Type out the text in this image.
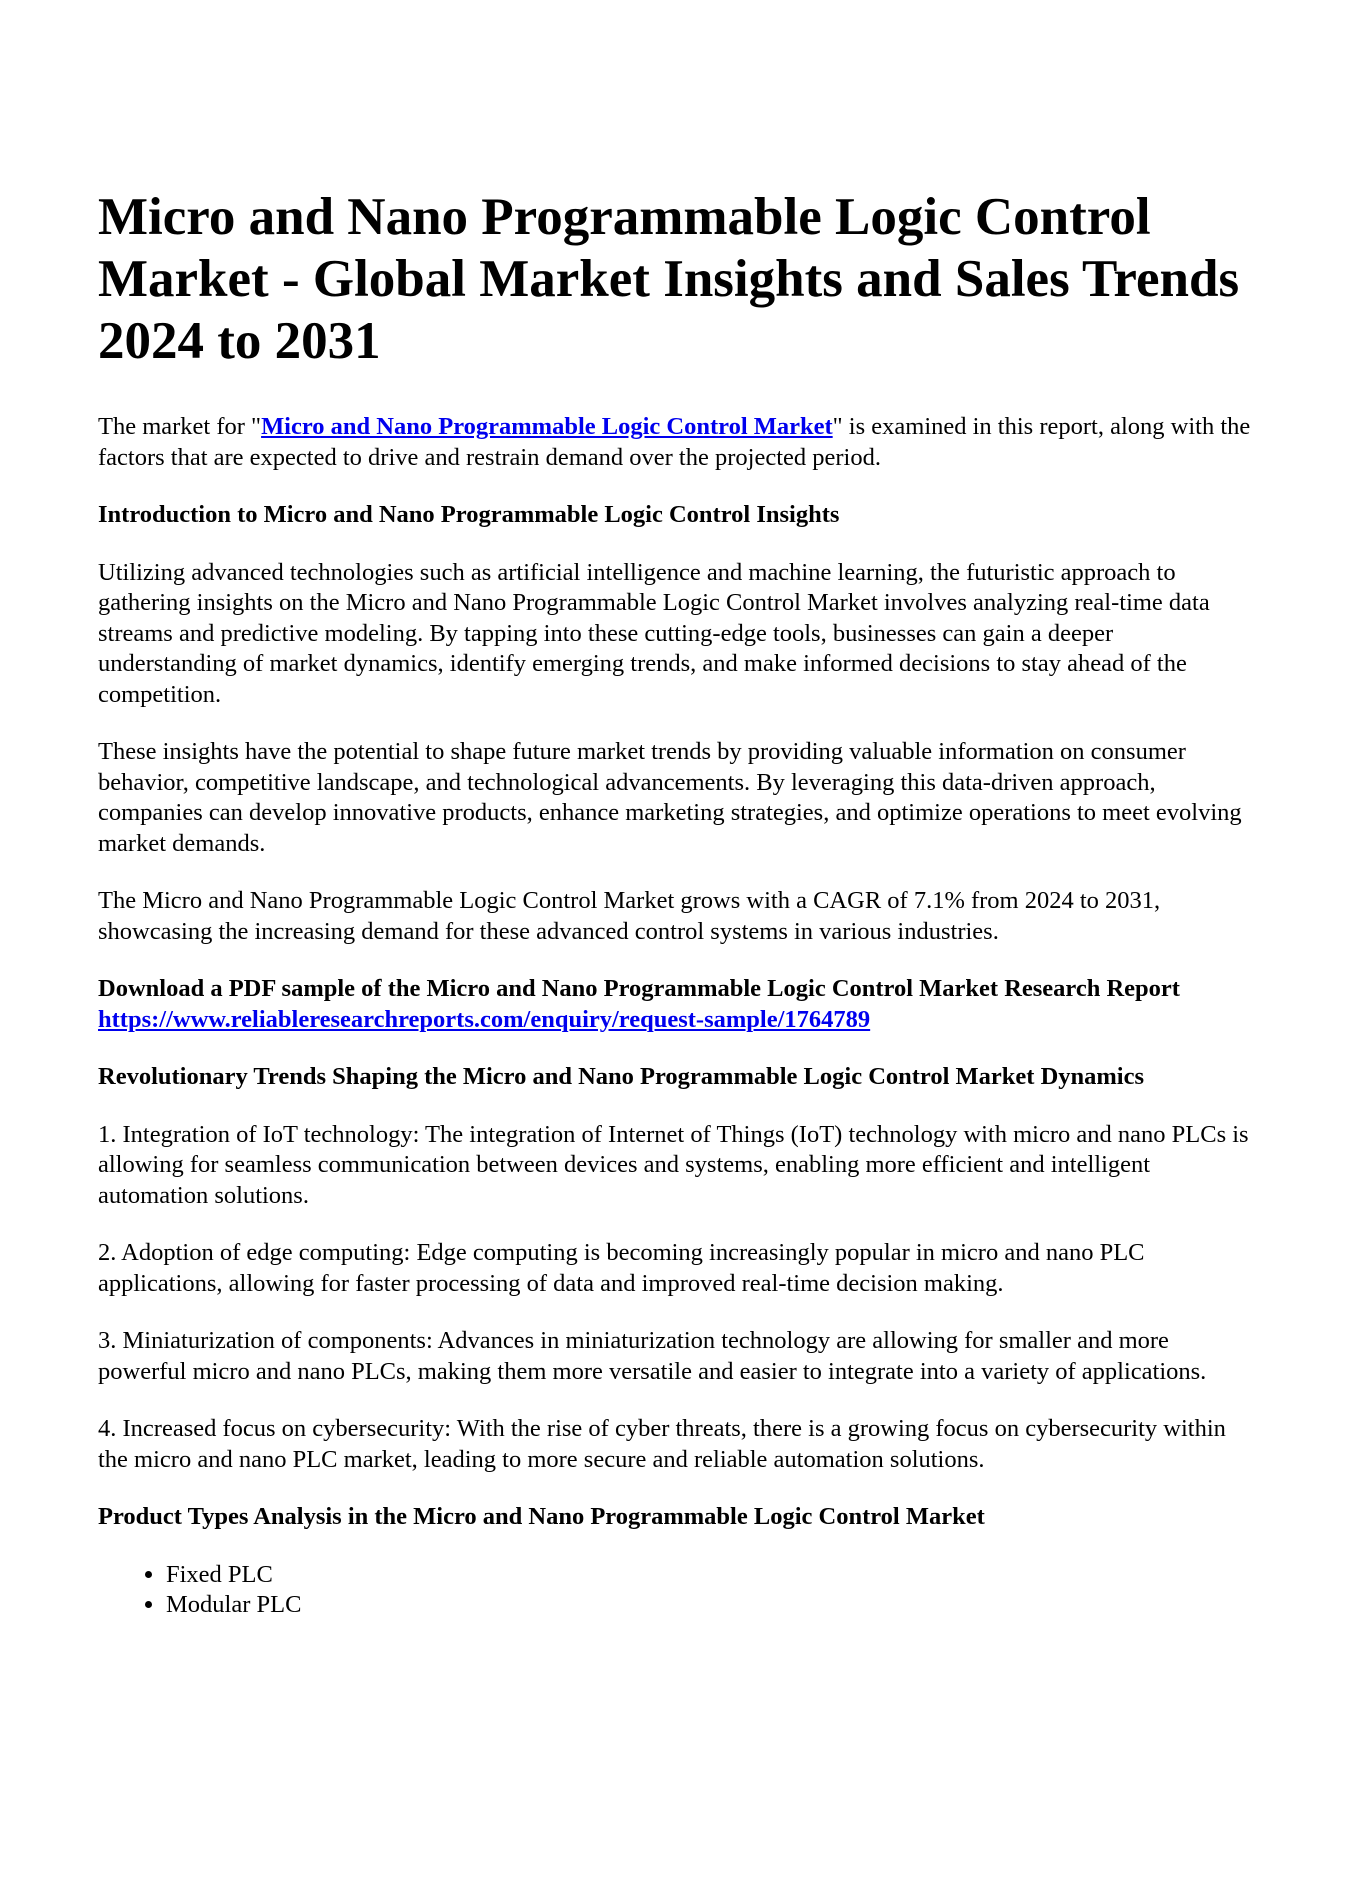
Micro and Nano Programmable Logic Control Market - Global Market Insights and Sales Trends 2024 to 2031

The market for "Micro and Nano Programmable Logic Control Market" is examined in this report, along with the factors that are expected to drive and restrain demand over the projected period.

Introduction to Micro and Nano Programmable Logic Control Insights

Utilizing advanced technologies such as artificial intelligence and machine learning, the futuristic approach to gathering insights on the Micro and Nano Programmable Logic Control Market involves analyzing real-time data streams and predictive modeling. By tapping into these cutting-edge tools, businesses can gain a deeper understanding of market dynamics, identify emerging trends, and make informed decisions to stay ahead of the competition.

These insights have the potential to shape future market trends by providing valuable information on consumer behavior, competitive landscape, and technological advancements. By leveraging this data-driven approach, companies can develop innovative products, enhance marketing strategies, and optimize operations to meet evolving market demands.

The Micro and Nano Programmable Logic Control Market grows with a CAGR of 7.1% from 2024 to 2031, showcasing the increasing demand for these advanced control systems in various industries.

Download a PDF sample of the Micro and Nano Programmable Logic Control Market Research Report https://www.reliableresearchreports.com/enquiry/request-sample/1764789

Revolutionary Trends Shaping the Micro and Nano Programmable Logic Control Market Dynamics

1. Integration of IoT technology: The integration of Internet of Things (IoT) technology with micro and nano PLCs is allowing for seamless communication between devices and systems, enabling more efficient and intelligent automation solutions.

2. Adoption of edge computing: Edge computing is becoming increasingly popular in micro and nano PLC applications, allowing for faster processing of data and improved real-time decision making.

3. Miniaturization of components: Advances in miniaturization technology are allowing for smaller and more powerful micro and nano PLCs, making them more versatile and easier to integrate into a variety of applications.

4. Increased focus on cybersecurity: With the rise of cyber threats, there is a growing focus on cybersecurity within the micro and nano PLC market, leading to more secure and reliable automation solutions.

Product Types Analysis in the Micro and Nano Programmable Logic Control Market

• Fixed PLC
• Modular PLC
